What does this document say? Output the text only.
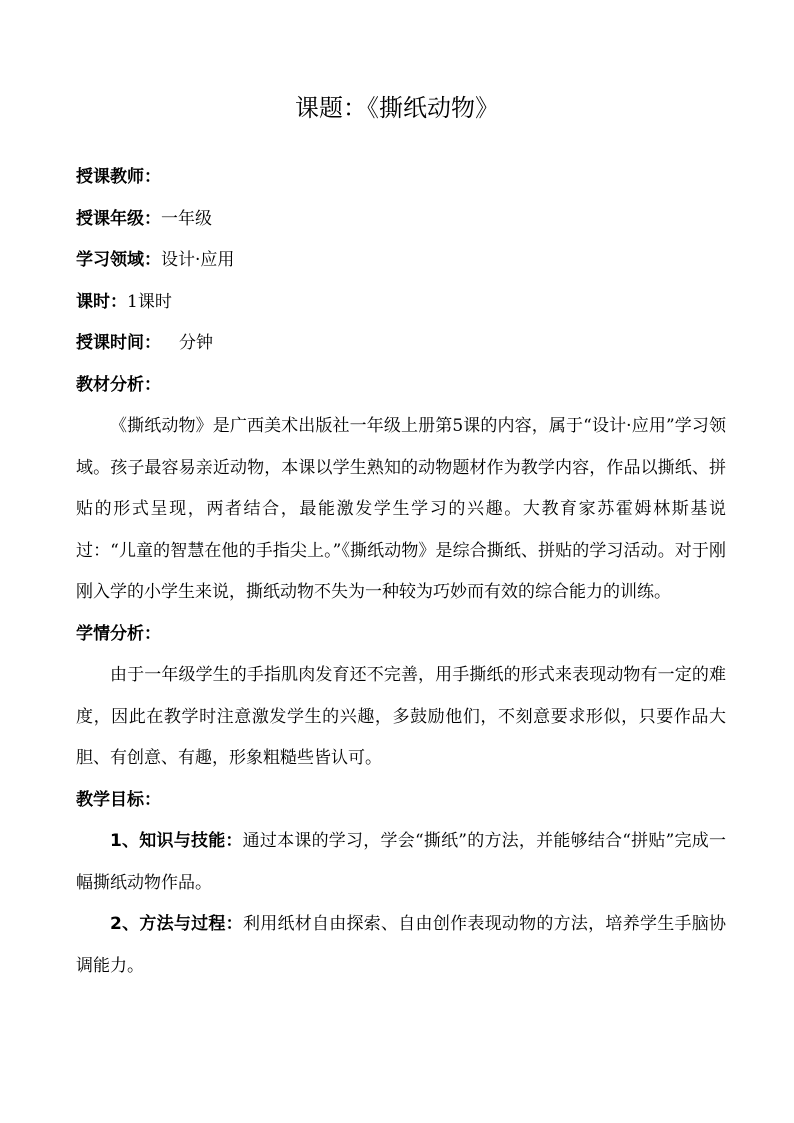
课题：《撕纸动物》

授课教师：

授课年级：一年级

学习领域：设计·应用

课时：1课时

授课时间： 分钟

教材分析：

《撕纸动物》是广西美术出版社一年级上册第5课的内容，属于“设计·应用”学习领域。孩子最容易亲近动物，本课以学生熟知的动物题材作为教学内容，作品以撕纸、拼贴的形式呈现，两者结合，最能激发学生学习的兴趣。大教育家苏霍姆林斯基说过：“儿童的智慧在他的手指尖上。”《撕纸动物》是综合撕纸、拼贴的学习活动。对于刚刚入学的小学生来说，撕纸动物不失为一种较为巧妙而有效的综合能力的训练。

学情分析：

由于一年级学生的手指肌肉发育还不完善，用手撕纸的形式来表现动物有一定的难度，因此在教学时注意激发学生的兴趣，多鼓励他们，不刻意要求形似，只要作品大胆、有创意、有趣，形象粗糙些皆认可。

教学目标：

1、知识与技能：通过本课的学习，学会“撕纸”的方法，并能够结合“拼贴”完成一幅撕纸动物作品。

2、方法与过程：利用纸材自由探索、自由创作表现动物的方法，培养学生手脑协调能力。
